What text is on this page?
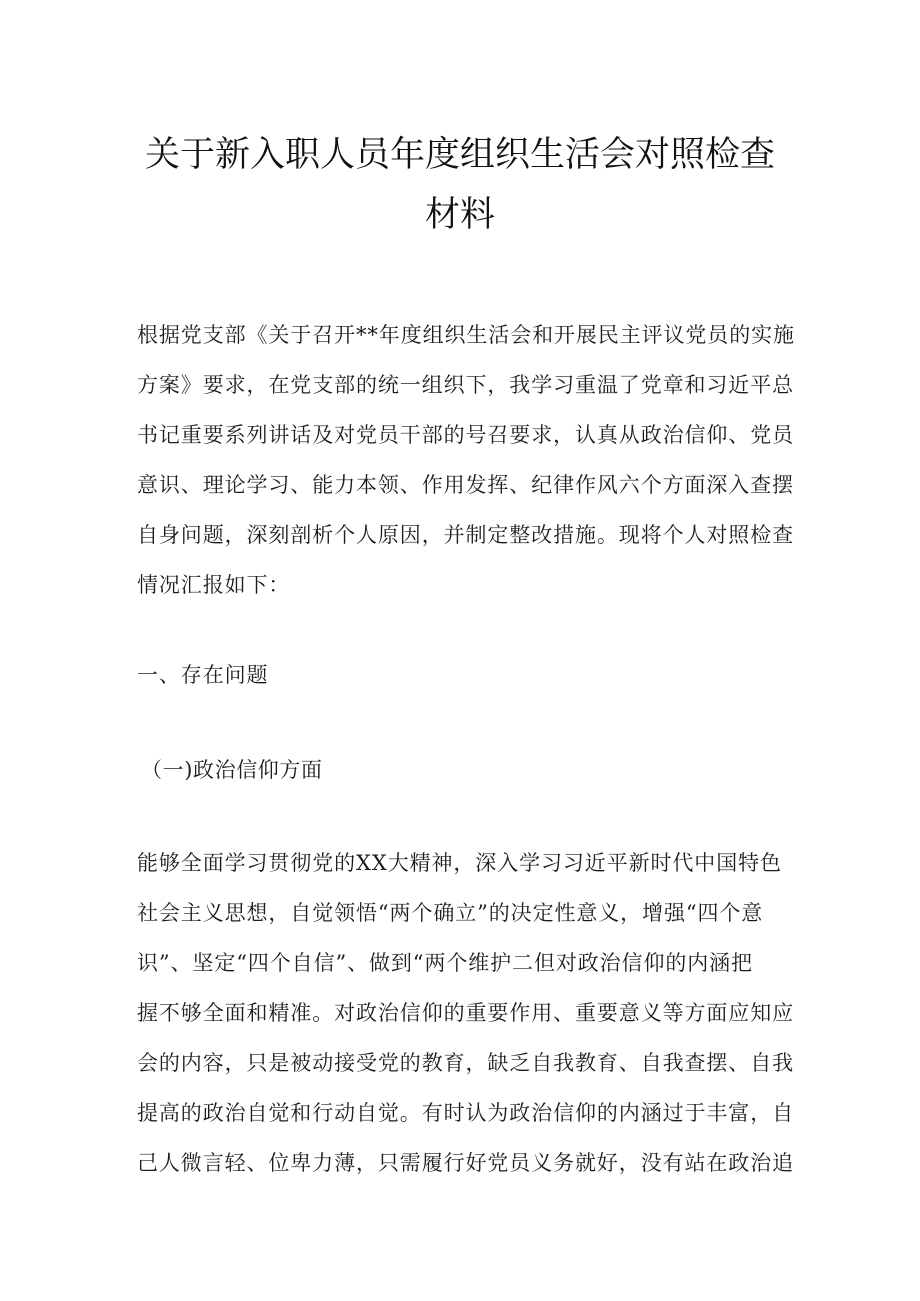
关于新入职人员年度组织生活会对照检查
材料
根据党支部《关于召开**年度组织生活会和开展民主评议党员的实施
方案》要求，在党支部的统一组织下，我学习重温了党章和习近平总
书记重要系列讲话及对党员干部的号召要求，认真从政治信仰、党员
意识、理论学习、能力本领、作用发挥、纪律作风六个方面深入查摆
自身问题，深刻剖析个人原因，并制定整改措施。现将个人对照检查
情况汇报如下：
一、存在问题
（一)政治信仰方面
能够全面学习贯彻党的XX大精神，深入学习习近平新时代中国特色
社会主义思想，自觉领悟“两个确立”的决定性意义，增强“四个意
识”、坚定“四个自信”、做到“两个维护二但对政治信仰的内涵把
握不够全面和精准。对政治信仰的重要作用、重要意义等方面应知应
会的内容，只是被动接受党的教育，缺乏自我教育、自我查摆、自我
提高的政治自觉和行动自觉。有时认为政治信仰的内涵过于丰富，自
己人微言轻、位卑力薄，只需履行好党员义务就好，没有站在政治追
